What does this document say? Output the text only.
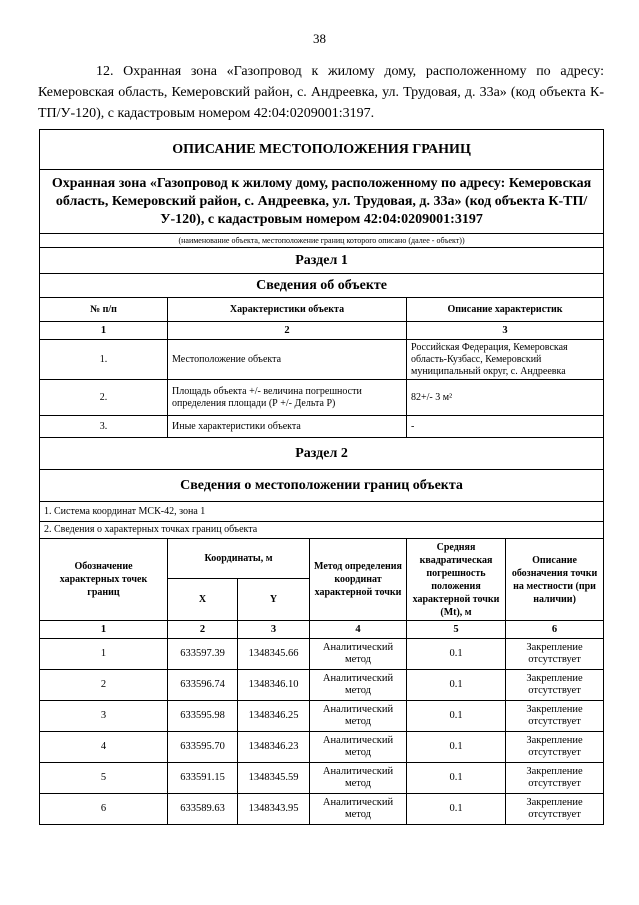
38
12. Охранная зона «Газопровод к жилому дому, расположенному по адресу: Кемеровская область, Кемеровский район, с. Андреевка, ул. Трудовая, д. 33а» (код объекта К-ТП/У-120), с кадастровым номером 42:04:0209001:3197.
ОПИСАНИЕ МЕСТОПОЛОЖЕНИЯ ГРАНИЦ					
Охранная зона «Газопровод к жилому дому, расположенному по адресу: Кемеровская область, Кемеровский район, с. Андреевка, ул. Трудовая, д. 33а» (код объекта К-ТП/У-120), с кадастровым номером 42:04:0209001:3197					
(наименование объекта, местоположение границ которого описано (далее - объект))					
Раздел 1					
Сведения об объекте					
№ п/п	Характеристики объекта			Описание характеристик	
1	2			3	
1.	Местоположение объекта			Российская Федерация, Кемеровская область-Кузбасс, Кемеровский муниципальный округ, с. Андреевка	
2.	Площадь объекта +/- величина погрешности определения площади (Р +/- Дельта Р)			82+/- 3 м²	
3.	Иные характеристики объекта			-	
Раздел 2					
Сведения о местоположении границ объекта					
1. Система координат МСК-42, зона 1					
2. Сведения о характерных точках границ объекта					
Обозначение характерных точек границ	Координаты, м		Метод определения координат характерной точки	Средняя квадратическая погрешность положения характерной точки (Mt), м	Описание обозначения точки на местности (при наличии)
	X	Y			
1	2	3	4	5	6
1	633597.39	1348345.66	Аналитический метод	0.1	Закрепление отсутствует
2	633596.74	1348346.10	Аналитический метод	0.1	Закрепление отсутствует
3	633595.98	1348346.25	Аналитический метод	0.1	Закрепление отсутствует
4	633595.70	1348346.23	Аналитический метод	0.1	Закрепление отсутствует
5	633591.15	1348345.59	Аналитический метод	0.1	Закрепление отсутствует
6	633589.63	1348343.95	Аналитический метод	0.1	Закрепление отсутствует
